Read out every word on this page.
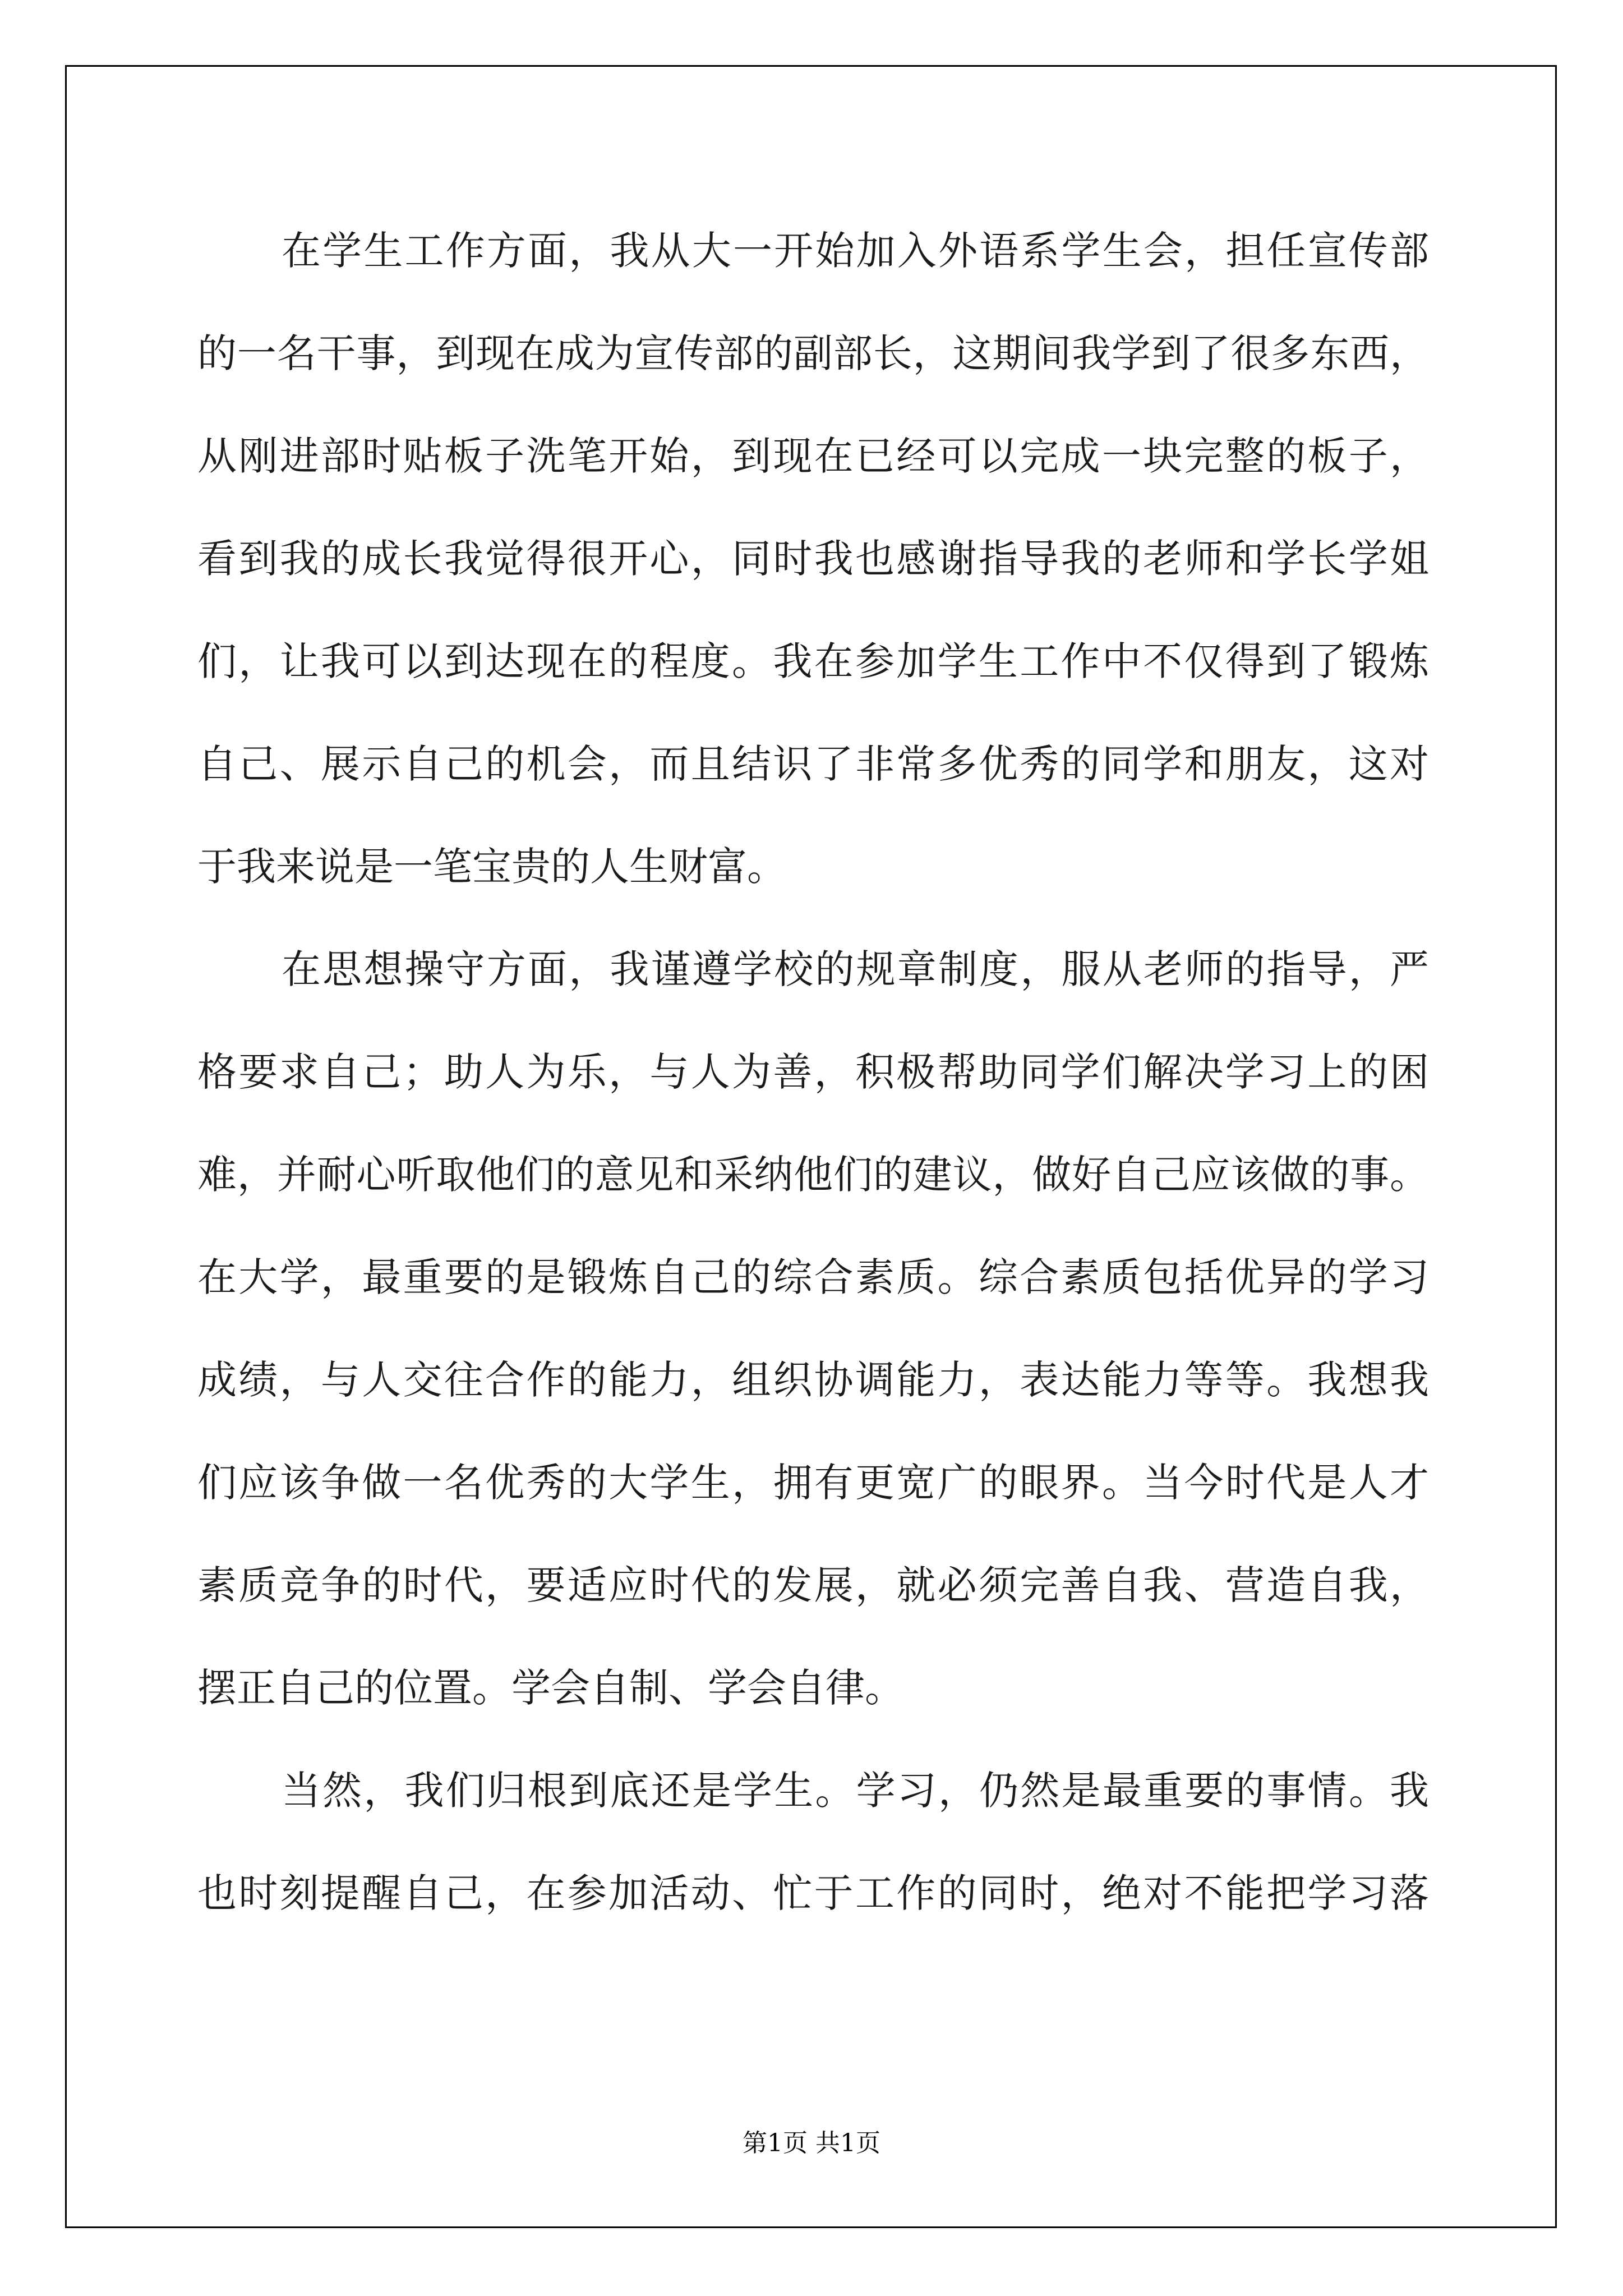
在学生工作方面，我从大一开始加入外语系学生会，担任宣传部
的一名干事，到现在成为宣传部的副部长，这期间我学到了很多东西，
从刚进部时贴板子洗笔开始，到现在已经可以完成一块完整的板子，
看到我的成长我觉得很开心，同时我也感谢指导我的老师和学长学姐
们，让我可以到达现在的程度。我在参加学生工作中不仅得到了锻炼
自己、展示自己的机会，而且结识了非常多优秀的同学和朋友，这对
于我来说是一笔宝贵的人生财富。
在思想操守方面，我谨遵学校的规章制度，服从老师的指导，严
格要求自己；助人为乐，与人为善，积极帮助同学们解决学习上的困
难，并耐心听取他们的意见和采纳他们的建议，做好自己应该做的事。
在大学，最重要的是锻炼自己的综合素质。综合素质包括优异的学习
成绩，与人交往合作的能力，组织协调能力，表达能力等等。我想我
们应该争做一名优秀的大学生，拥有更宽广的眼界。当今时代是人才
素质竞争的时代，要适应时代的发展，就必须完善自我、营造自我，
摆正自己的位置。学会自制、学会自律。
当然，我们归根到底还是学生。学习，仍然是最重要的事情。我
也时刻提醒自己，在参加活动、忙于工作的同时，绝对不能把学习落
第1页 共1页
